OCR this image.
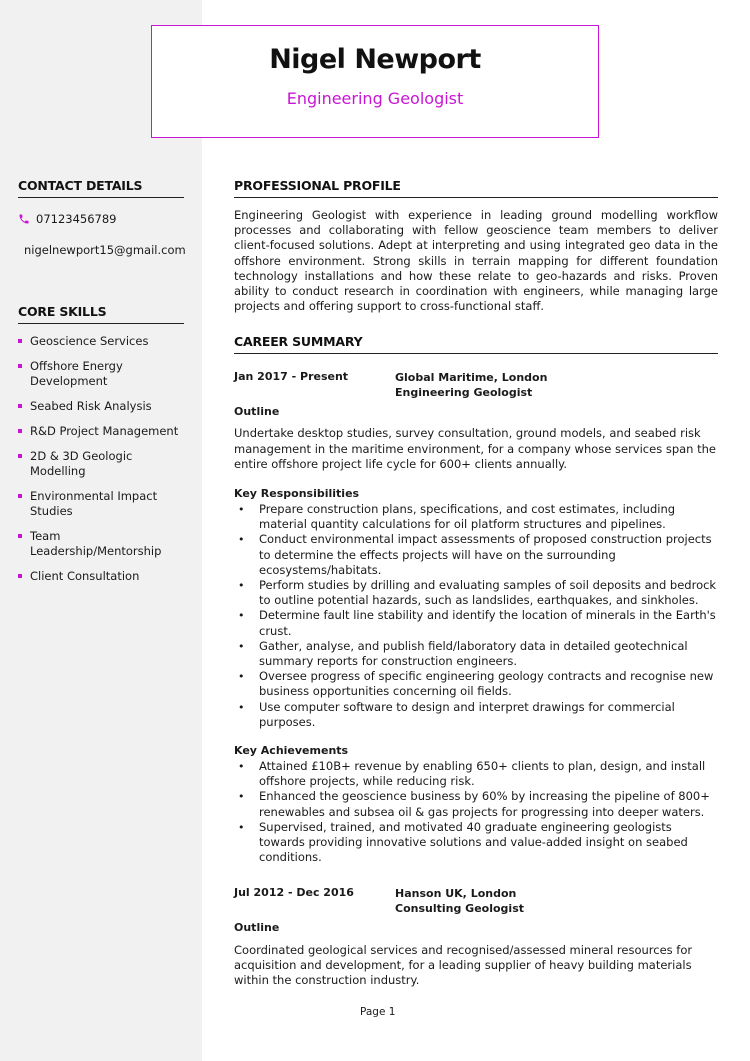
Nigel Newport
Engineering Geologist
CONTACT DETAILS
07123456789
nigelnewport15@gmail.com
CORE SKILLS
Geoscience Services
Offshore Energy Development
Seabed Risk Analysis
R&D Project Management
2D & 3D Geologic Modelling
Environmental Impact Studies
Team Leadership/Mentorship
Client Consultation
PROFESSIONAL PROFILE
Engineering Geologist with experience in leading ground modelling workflow processes and collaborating with fellow geoscience team members to deliver client-focused solutions. Adept at interpreting and using integrated geo data in the offshore environment. Strong skills in terrain mapping for different foundation technology installations and how these relate to geo-hazards and risks. Proven ability to conduct research in coordination with engineers, while managing large projects and offering support to cross-functional staff.
CAREER SUMMARY
Jan 2017 - Present	Global Maritime, London
Engineering Geologist
Outline
Undertake desktop studies, survey consultation, ground models, and seabed risk management in the maritime environment, for a company whose services span the entire offshore project life cycle for 600+ clients annually.
Key Responsibilities
• Prepare construction plans, specifications, and cost estimates, including material quantity calculations for oil platform structures and pipelines.
• Conduct environmental impact assessments of proposed construction projects to determine the effects projects will have on the surrounding ecosystems/habitats.
• Perform studies by drilling and evaluating samples of soil deposits and bedrock to outline potential hazards, such as landslides, earthquakes, and sinkholes.
• Determine fault line stability and identify the location of minerals in the Earth's crust.
• Gather, analyse, and publish field/laboratory data in detailed geotechnical summary reports for construction engineers.
• Oversee progress of specific engineering geology contracts and recognise new business opportunities concerning oil fields.
• Use computer software to design and interpret drawings for commercial purposes.
Key Achievements
• Attained £10B+ revenue by enabling 650+ clients to plan, design, and install offshore projects, while reducing risk.
• Enhanced the geoscience business by 60% by increasing the pipeline of 800+ renewables and subsea oil & gas projects for progressing into deeper waters.
• Supervised, trained, and motivated 40 graduate engineering geologists towards providing innovative solutions and value-added insight on seabed conditions.
Jul 2012 - Dec 2016	Hanson UK, London
Consulting Geologist
Outline
Coordinated geological services and recognised/assessed mineral resources for acquisition and development, for a leading supplier of heavy building materials within the construction industry.
Page 1
